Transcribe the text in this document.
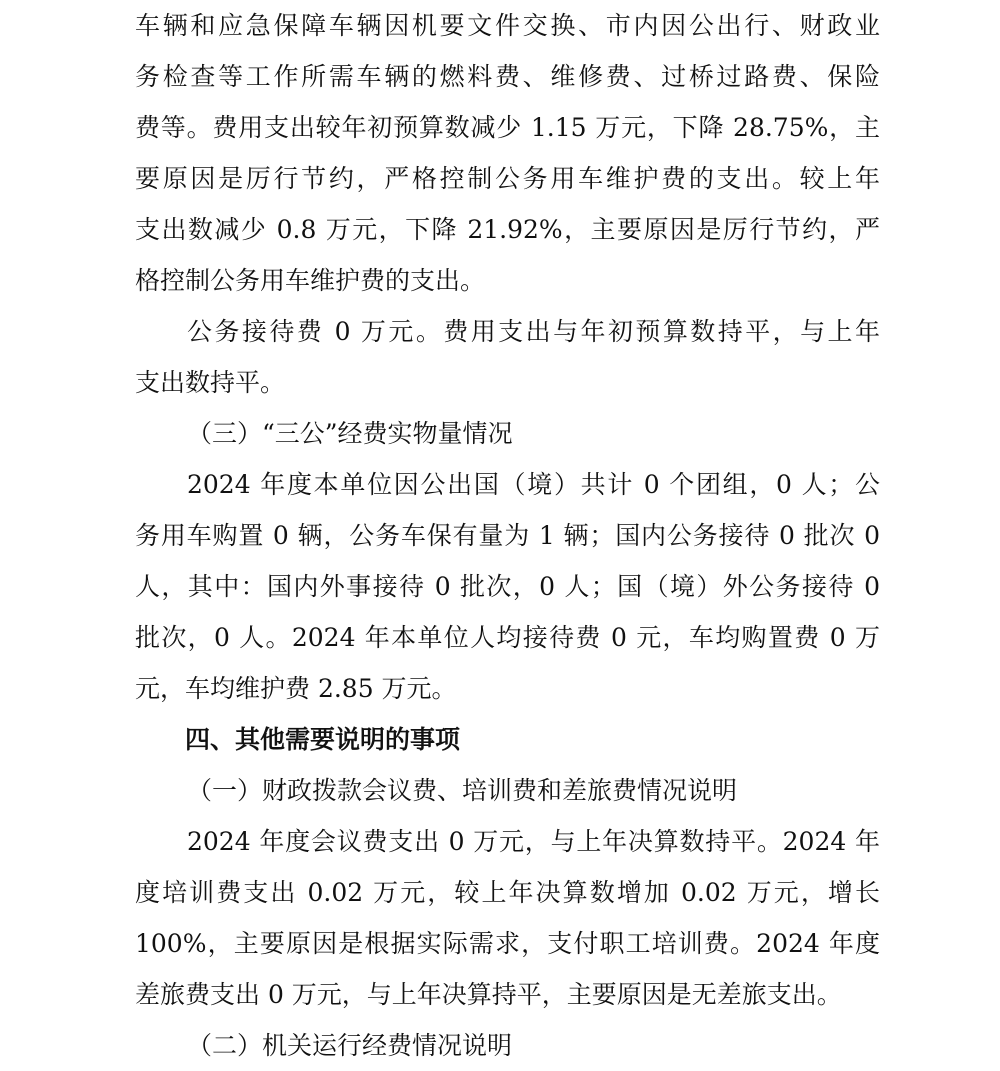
车辆和应急保障车辆因机要文件交换、市内因公出行、财政业
务检查等工作所需车辆的燃料费、维修费、过桥过路费、保险
费等。费用支出较年初预算数减少 1.15 万元，下降 28.75%，主
要原因是厉行节约，严格控制公务用车维护费的支出。较上年
支出数减少 0.8 万元，下降 21.92%，主要原因是厉行节约，严
格控制公务用车维护费的支出。
公务接待费 0 万元。费用支出与年初预算数持平，与上年
支出数持平。
（三）“三公”经费实物量情况
2024 年度本单位因公出国（境）共计 0 个团组，0 人；公
务用车购置 0 辆，公务车保有量为 1 辆；国内公务接待 0 批次 0
人，其中：国内外事接待 0 批次，0 人；国（境）外公务接待 0
批次，0 人。2024 年本单位人均接待费 0 元，车均购置费 0 万
元，车均维护费 2.85 万元。
四、其他需要说明的事项
（一）财政拨款会议费、培训费和差旅费情况说明
2024 年度会议费支出 0 万元，与上年决算数持平。2024 年
度培训费支出 0.02 万元，较上年决算数增加 0.02 万元，增长
100%，主要原因是根据实际需求，支付职工培训费。2024 年度
差旅费支出 0 万元，与上年决算持平，主要原因是无差旅支出。
（二）机关运行经费情况说明
